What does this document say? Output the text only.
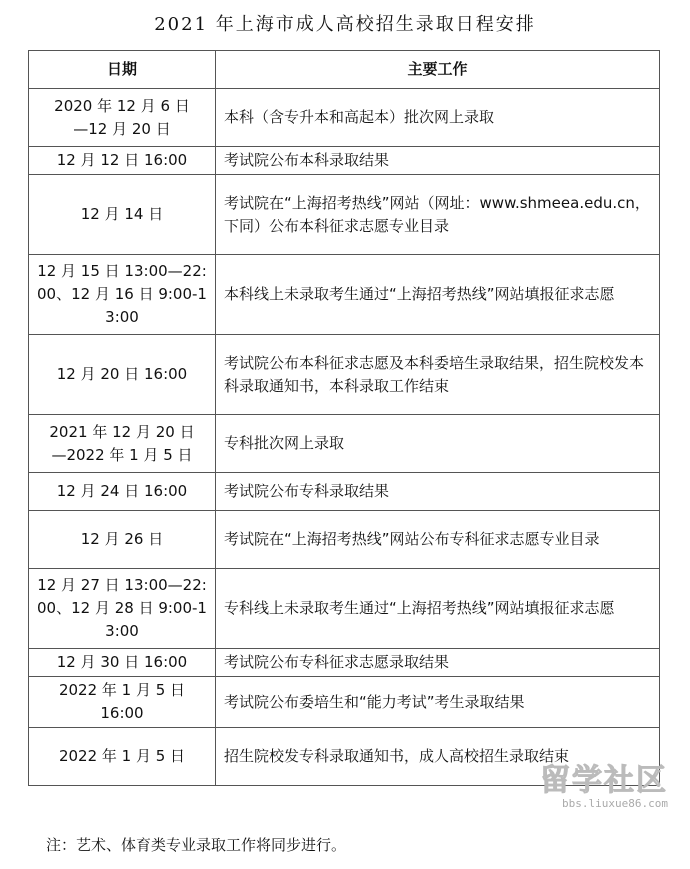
2021 年上海市成人高校招生录取日程安排
日期	主要工作
2020 年 12 月 6 日
—12 月 20 日	本科（含专升本和高起本）批次网上录取
12 月 12 日 16:00	考试院公布本科录取结果
12 月 14 日	考试院在“上海招考热线”网站（网址：www.shmeea.edu.cn，下同）公布本科征求志愿专业目录
12 月 15 日 13:00—22:00、12 月 16 日 9:00-13:00	本科线上未录取考生通过“上海招考热线”网站填报征求志愿
12 月 20 日 16:00	考试院公布本科征求志愿及本科委培生录取结果，招生院校发本科录取通知书，本科录取工作结束
2021 年 12 月 20 日
—2022 年 1 月 5 日	专科批次网上录取
12 月 24 日 16:00	考试院公布专科录取结果
12 月 26 日	考试院在“上海招考热线”网站公布专科征求志愿专业目录
12 月 27 日 13:00—22:00、12 月 28 日 9:00-13:00	专科线上未录取考生通过“上海招考热线”网站填报征求志愿
12 月 30 日 16:00	考试院公布专科征求志愿录取结果
2022 年 1 月 5 日
16:00	考试院公布委培生和“能力考试”考生录取结果
2022 年 1 月 5 日	招生院校发专科录取通知书，成人高校招生录取结束
注：艺术、体育类专业录取工作将同步进行。
留学社区
bbs.liuxue86.com
